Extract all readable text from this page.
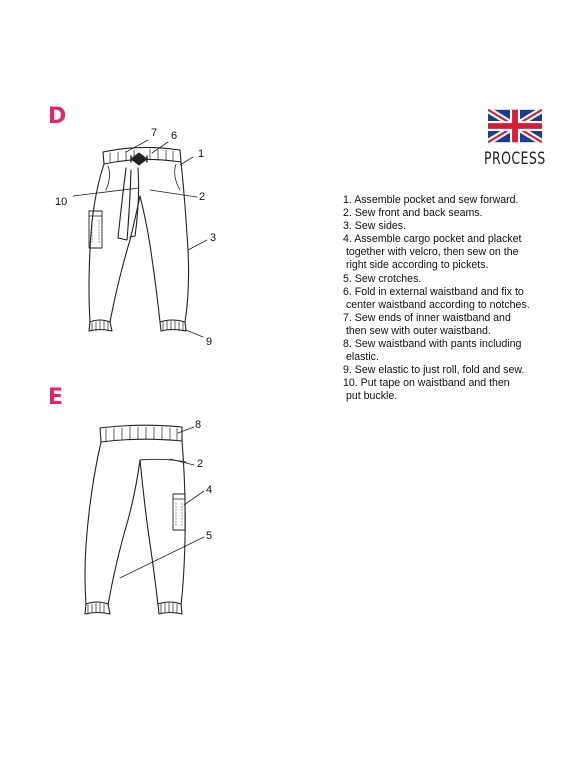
D
E
7 6
1
10	2
3
9
8
2
4
5
PROCESS
1. Assemble pocket and sew forward.
2. Sew front and back seams.
3. Sew sides.
4. Assemble cargo pocket and placket
together with velcro, then sew on the
right side according to pickets.
5. Sew crotches.
6. Fold in external waistband and fix to
center waistband according to notches.
7. Sew ends of inner waistband and
then sew with outer waistband.
8. Sew waistband with pants including
elastic.
9. Sew elastic to just roll, fold and sew.
10. Put tape on waistband and then
put buckle.
